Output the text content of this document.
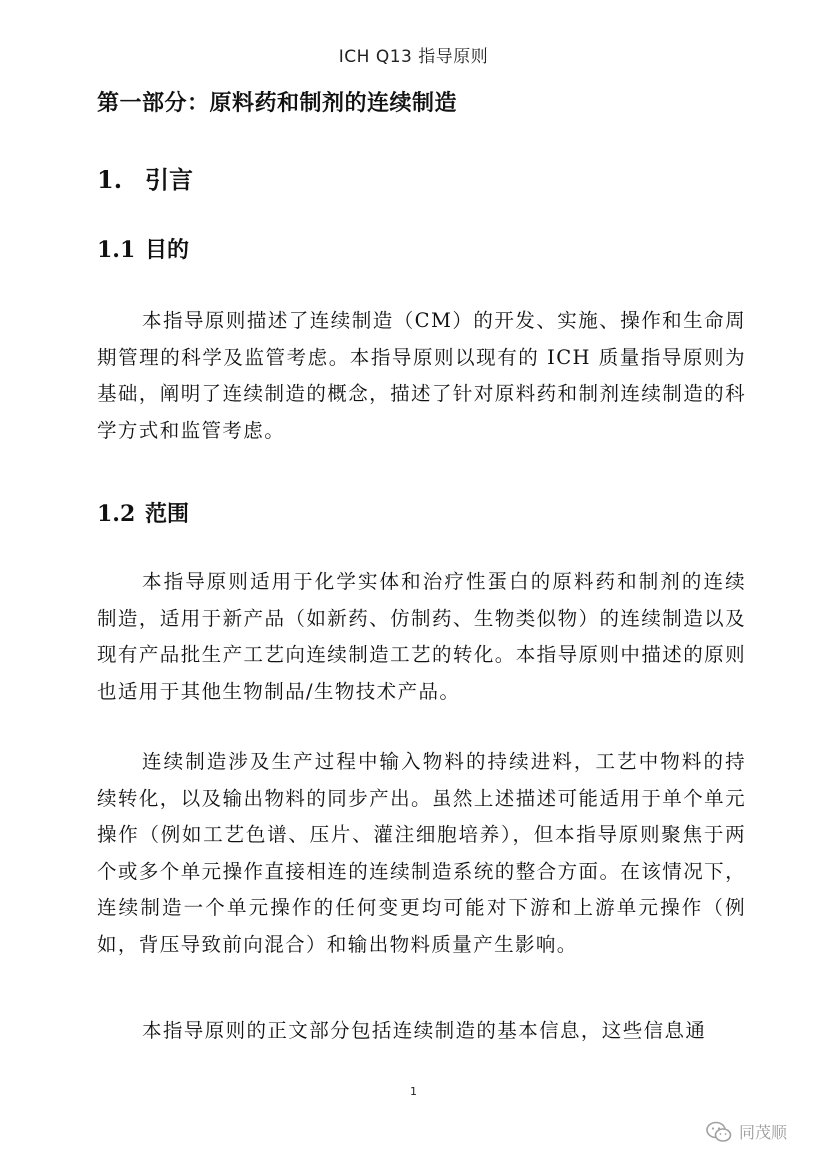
ICH Q13 指导原则
第一部分：原料药和制剂的连续制造
1. 引言
1.1 目的

本指导原则描述了连续制造（CM）的开发、实施、操作和生命周期管理的科学及监管考虑。本指导原则以现有的 ICH 质量指导原则为基础，阐明了连续制造的概念，描述了针对原料药和制剂连续制造的科学方式和监管考虑。

1.2 范围

本指导原则适用于化学实体和治疗性蛋白的原料药和制剂的连续制造，适用于新产品（如新药、仿制药、生物类似物）的连续制造以及现有产品批生产工艺向连续制造工艺的转化。本指导原则中描述的原则也适用于其他生物制品/生物技术产品。

连续制造涉及生产过程中输入物料的持续进料，工艺中物料的持续转化，以及输出物料的同步产出。虽然上述描述可能适用于单个单元操作（例如工艺色谱、压片、灌注细胞培养），但本指导原则聚焦于两个或多个单元操作直接相连的连续制造系统的整合方面。在该情况下，连续制造一个单元操作的任何变更均可能对下游和上游单元操作（例如，背压导致前向混合）和输出物料质量产生影响。

本指导原则的正文部分包括连续制造的基本信息，这些信息通

1
同茂顺
